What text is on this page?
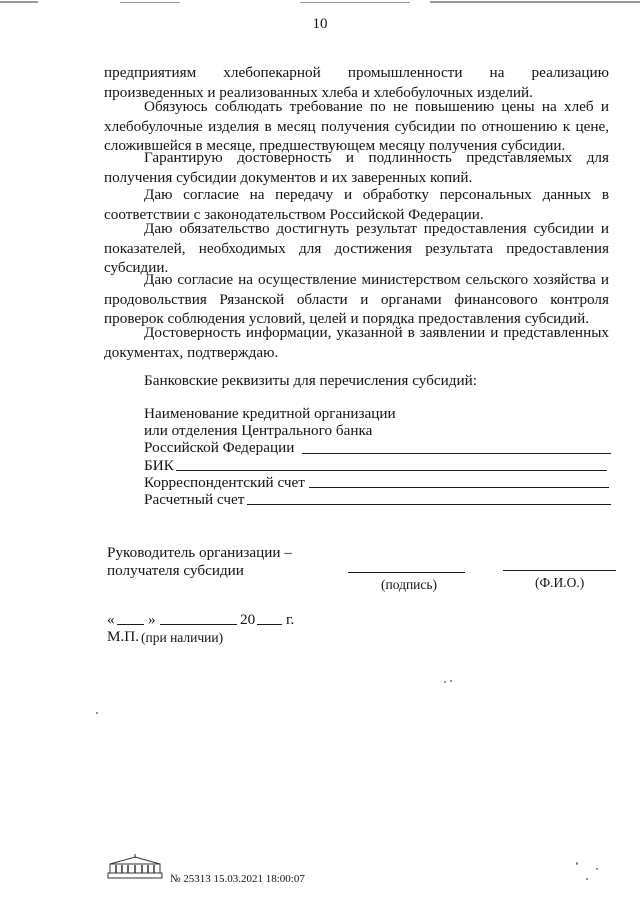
10

предприятиям хлебопекарной промышленности на реализацию произведенных и реализованных хлеба и хлебобулочных изделий.

Обязуюсь соблюдать требование по не повышению цены на хлеб и хлебобулочные изделия в месяц получения субсидии по отношению к цене, сложившейся в месяце, предшествующем месяцу получения субсидии.

Гарантирую достоверность и подлинность представляемых для получения субсидии документов и их заверенных копий.

Даю согласие на передачу и обработку персональных данных в соответствии с законодательством Российской Федерации.

Даю обязательство достигнуть результат предоставления субсидии и показателей, необходимых для достижения результата предоставления субсидии.

Даю согласие на осуществление министерством сельского хозяйства и продовольствия Рязанской области и органами финансового контроля проверок соблюдения условий, целей и порядка предоставления субсидий.

Достоверность информации, указанной в заявлении и представленных документах, подтверждаю.

Банковские реквизиты для перечисления субсидий:
Наименование кредитной организации
или отделения Центрального банка
Российской Федерации
БИК
Корреспондентский счет
Расчетный счет
Руководитель организации –
получателя субсидии
(подпись)	(Ф.И.О.)
« »	20 г.
М.П. (при наличии)
№ 25313 15.03.2021 18:00:07
